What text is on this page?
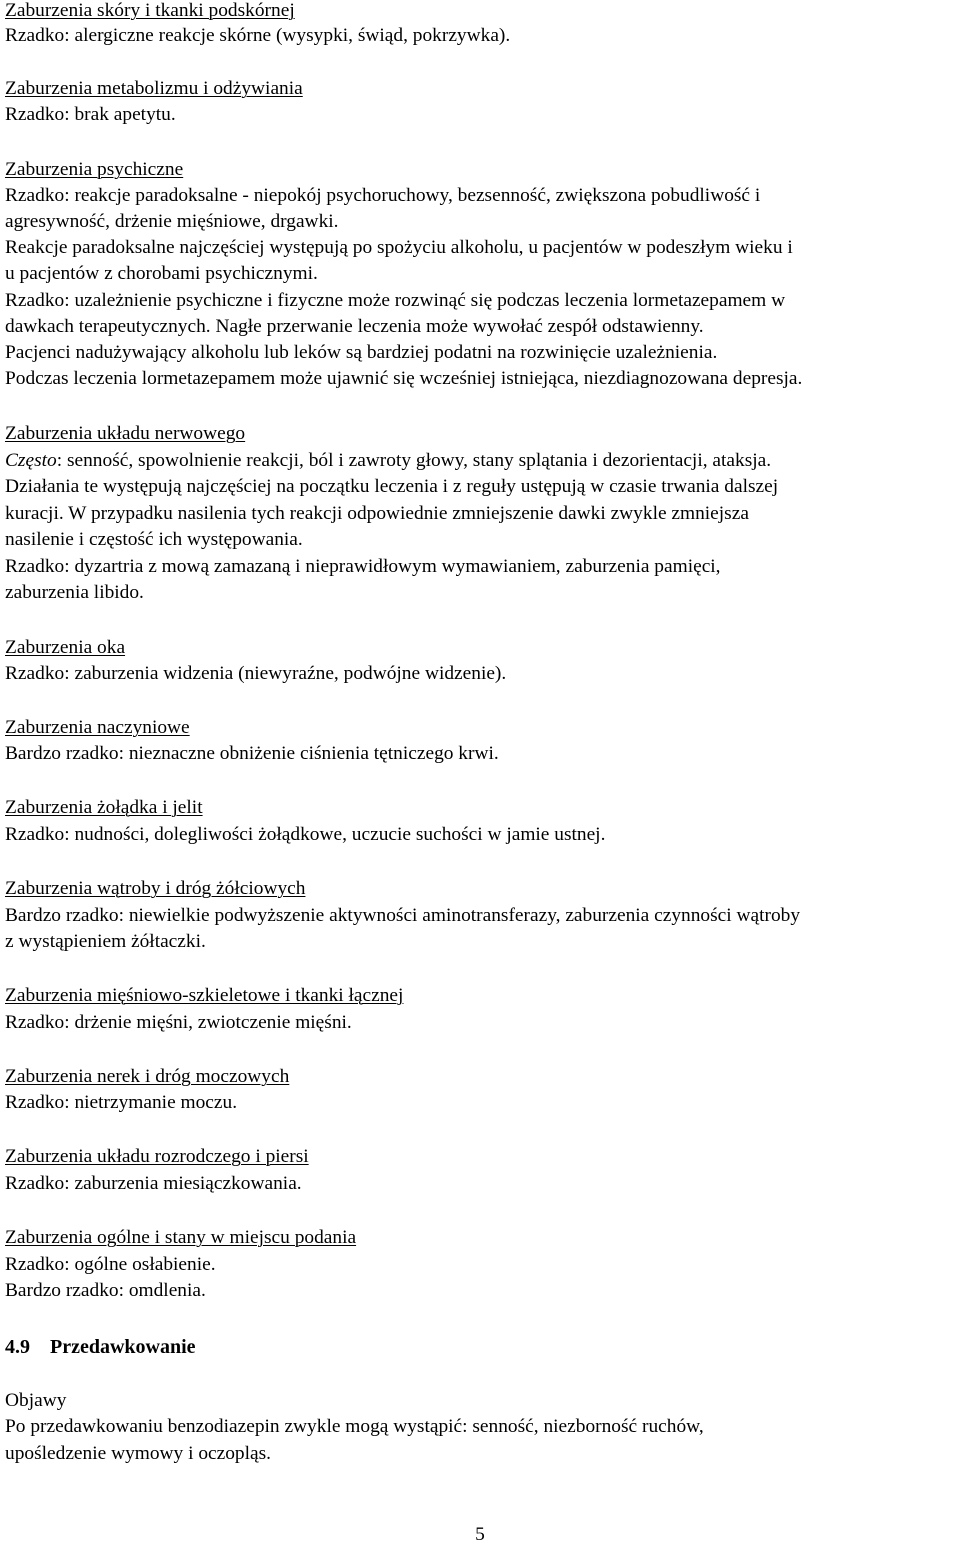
Zaburzenia skóry i tkanki podskórnej
Rzadko: alergiczne reakcje skórne (wysypki, świąd, pokrzywka).
Zaburzenia metabolizmu i odżywiania
Rzadko: brak apetytu.
Zaburzenia psychiczne
Rzadko: reakcje paradoksalne - niepokój psychoruchowy, bezsenność, zwiększona pobudliwość i
agresywność, drżenie mięśniowe, drgawki.
Reakcje paradoksalne najczęściej występują po spożyciu alkoholu, u pacjentów w podeszłym wieku i
u pacjentów z chorobami psychicznymi.
Rzadko: uzależnienie psychiczne i fizyczne może rozwinąć się podczas leczenia lormetazepamem w
dawkach terapeutycznych. Nagłe przerwanie leczenia może wywołać zespół odstawienny.
Pacjenci nadużywający alkoholu lub leków są bardziej podatni na rozwinięcie uzależnienia.
Podczas leczenia lormetazepamem może ujawnić się wcześniej istniejąca, niezdiagnozowana depresja.
Zaburzenia układu nerwowego
Często: senność, spowolnienie reakcji, ból i zawroty głowy, stany splątania i dezorientacji, ataksja.
Działania te występują najczęściej na początku leczenia i z reguły ustępują w czasie trwania dalszej
kuracji. W przypadku nasilenia tych reakcji odpowiednie zmniejszenie dawki zwykle zmniejsza
nasilenie i częstość ich występowania.
Rzadko: dyzartria z mową zamazaną i nieprawidłowym wymawianiem, zaburzenia pamięci,
zaburzenia libido.
Zaburzenia oka
Rzadko: zaburzenia widzenia (niewyraźne, podwójne widzenie).
Zaburzenia naczyniowe
Bardzo rzadko: nieznaczne obniżenie ciśnienia tętniczego krwi.
Zaburzenia żołądka i jelit
Rzadko: nudności, dolegliwości żołądkowe, uczucie suchości w jamie ustnej.
Zaburzenia wątroby i dróg żółciowych
Bardzo rzadko: niewielkie podwyższenie aktywności aminotransferazy, zaburzenia czynności wątroby
z wystąpieniem żółtaczki.
Zaburzenia mięśniowo-szkieletowe i tkanki łącznej
Rzadko: drżenie mięśni, zwiotczenie mięśni.
Zaburzenia nerek i dróg moczowych
Rzadko: nietrzymanie moczu.
Zaburzenia układu rozrodczego i piersi
Rzadko: zaburzenia miesiączkowania.
Zaburzenia ogólne i stany w miejscu podania
Rzadko: ogólne osłabienie.
Bardzo rzadko: omdlenia.
4.9 Przedawkowanie
Objawy
Po przedawkowaniu benzodiazepin zwykle mogą wystąpić: senność, niezborność ruchów,
upośledzenie wymowy i oczopląs.
5
